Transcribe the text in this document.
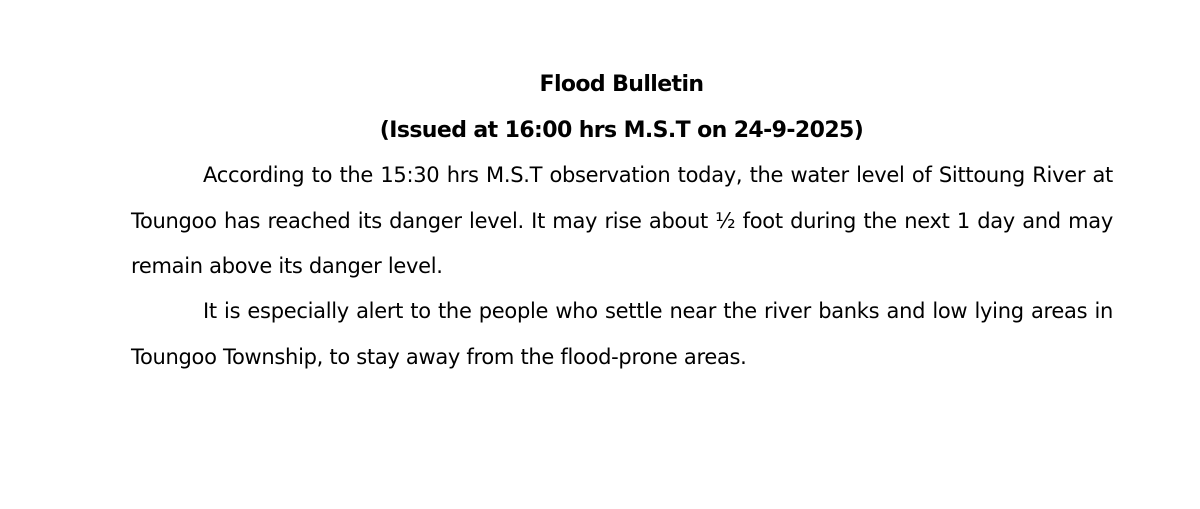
Flood Bulletin
(Issued at 16:00 hrs M.S.T on 24-9-2025)

According to the 15:30 hrs M.S.T observation today, the water level of Sittoung River at Toungoo has reached its danger level. It may rise about ½ foot during the next 1 day and may remain above its danger level.

It is especially alert to the people who settle near the river banks and low lying areas in Toungoo Township, to stay away from the flood-prone areas.
